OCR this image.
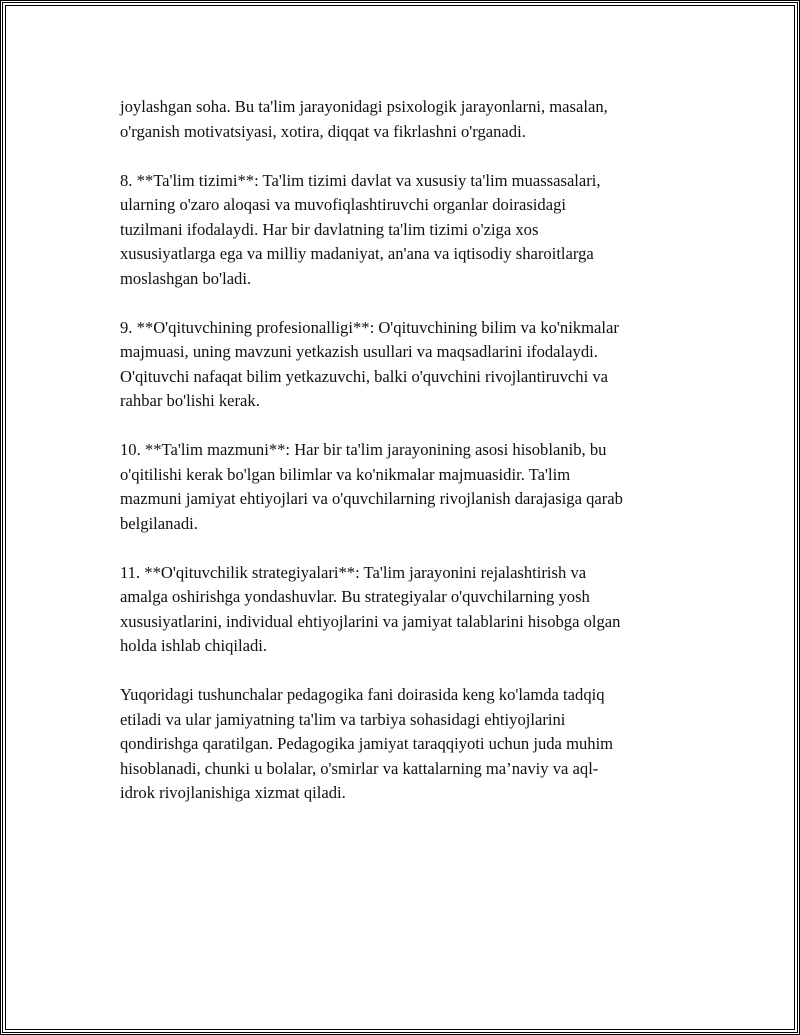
joylashgan soha. Bu ta'lim jarayonidagi psixologik jarayonlarni, masalan,
o'rganish motivatsiyasi, xotira, diqqat va fikrlashni o'rganadi.

8. **Ta'lim tizimi**: Ta'lim tizimi davlat va xususiy ta'lim muassasalari,
ularning o'zaro aloqasi va muvofiqlashtiruvchi organlar doirasidagi
tuzilmani ifodalaydi. Har bir davlatning ta'lim tizimi o'ziga xos
xususiyatlarga ega va milliy madaniyat, an'ana va iqtisodiy sharoitlarga
moslashgan bo'ladi.

9. **O'qituvchining profesionalligi**: O'qituvchining bilim va ko'nikmalar
majmuasi, uning mavzuni yetkazish usullari va maqsadlarini ifodalaydi.
O'qituvchi nafaqat bilim yetkazuvchi, balki o'quvchini rivojlantiruvchi va
rahbar bo'lishi kerak.

10. **Ta'lim mazmuni**: Har bir ta'lim jarayonining asosi hisoblanib, bu
o'qitilishi kerak bo'lgan bilimlar va ko'nikmalar majmuasidir. Ta'lim
mazmuni jamiyat ehtiyojlari va o'quvchilarning rivojlanish darajasiga qarab
belgilanadi.

11. **O'qituvchilik strategiyalari**: Ta'lim jarayonini rejalashtirish va
amalga oshirishga yondashuvlar. Bu strategiyalar o'quvchilarning yosh
xususiyatlarini, individual ehtiyojlarini va jamiyat talablarini hisobga olgan
holda ishlab chiqiladi.

Yuqoridagi tushunchalar pedagogika fani doirasida keng ko'lamda tadqiq
etiladi va ular jamiyatning ta'lim va tarbiya sohasidagi ehtiyojlarini
qondirishga qaratilgan. Pedagogika jamiyat taraqqiyoti uchun juda muhim
hisoblanadi, chunki u bolalar, o'smirlar va kattalarning ma’naviy va aql-
idrok rivojlanishiga xizmat qiladi.
